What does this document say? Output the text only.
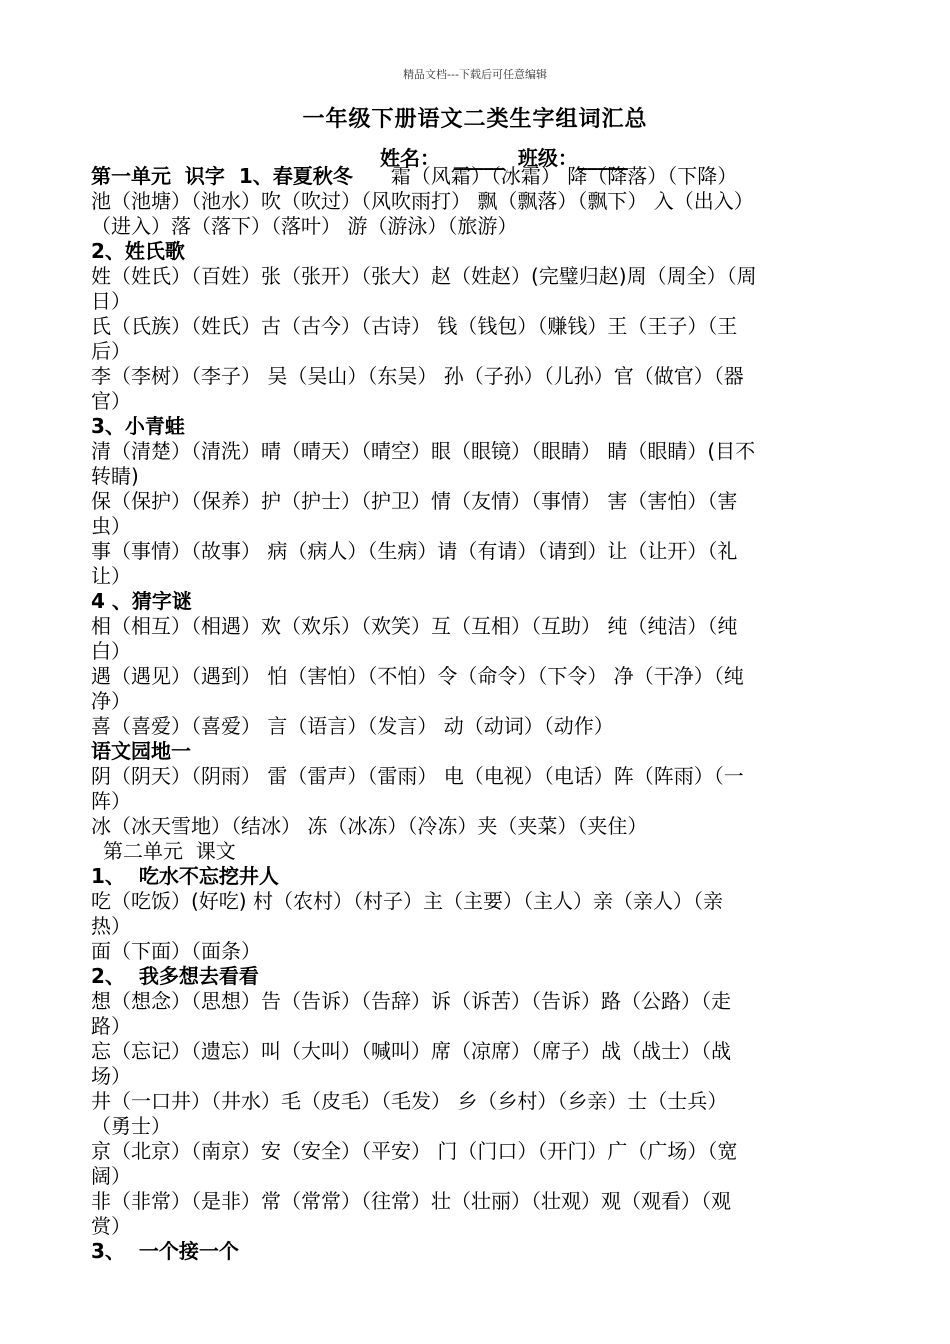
精品文档---下载后可任意编辑
一年级下册语文二类生字组词汇总
姓名：  _____  班级：_____
第一单元  识字  1、春夏秋冬      霜（风霜）（冰霜） 降（降落）（下降）
池（池塘）（池水）吹（吹过）（风吹雨打） 飘（飘落）（飘下） 入（出入）
（进入）落（落下）（落叶） 游（游泳）（旅游）
2、姓氏歌
姓（姓氏）（百姓）张（张开）（张大）赵（姓赵）(完璧归赵)周（周全）（周
日）
氏（氏族）（姓氏）古（古今）（古诗） 钱（钱包）（赚钱）王（王子）（王
后）
李（李树）（李子） 吴（吴山）（东吴） 孙（子孙）（儿孙）官（做官）（器
官）
3、小青蛙
清（清楚）（清洗）晴（晴天）（晴空）眼（眼镜）（眼睛） 睛（眼睛）(目不
转睛)
保（保护）（保养）护（护士）（护卫）情（友情）（事情） 害（害怕）（害
虫）
事（事情）（故事） 病（病人）（生病）请（有请）（请到）让（让开）（礼
让）
4 、猜字谜
相（相互）（相遇）欢（欢乐）（欢笑）互（互相）（互助） 纯（纯洁）（纯
白）
遇（遇见）（遇到） 怕（害怕）（不怕）令（命令）（下令） 净（干净）（纯
净）
喜（喜爱）（喜爱） 言（语言）（发言） 动（动词）（动作）
语文园地一
阴（阴天）（阴雨） 雷（雷声）（雷雨） 电（电视）（电话）阵（阵雨）（一
阵）
冰（冰天雪地）（结冰） 冻（冰冻）（冷冻）夹（夹菜）（夹住）
第二单元  课文
1、  吃水不忘挖井人
吃（吃饭）(好吃) 村（农村）（村子）主（主要）（主人）亲（亲人）（亲
热）
面（下面）（面条）
2、  我多想去看看
想（想念）（思想）告（告诉）（告辞）诉（诉苦）（告诉）路（公路）（走
路）
忘（忘记）（遗忘）叫（大叫）（喊叫）席（凉席）（席子）战（战士）（战
场）
井（一口井）（井水）毛（皮毛）（毛发） 乡（乡村）（乡亲）士（士兵）
（勇士）
京（北京）（南京）安（安全）（平安） 门（门口）（开门）广（广场）（宽
阔）
非（非常）（是非）常（常常）（往常）壮（壮丽）（壮观）观（观看）（观
赏）
3、  一个接一个
